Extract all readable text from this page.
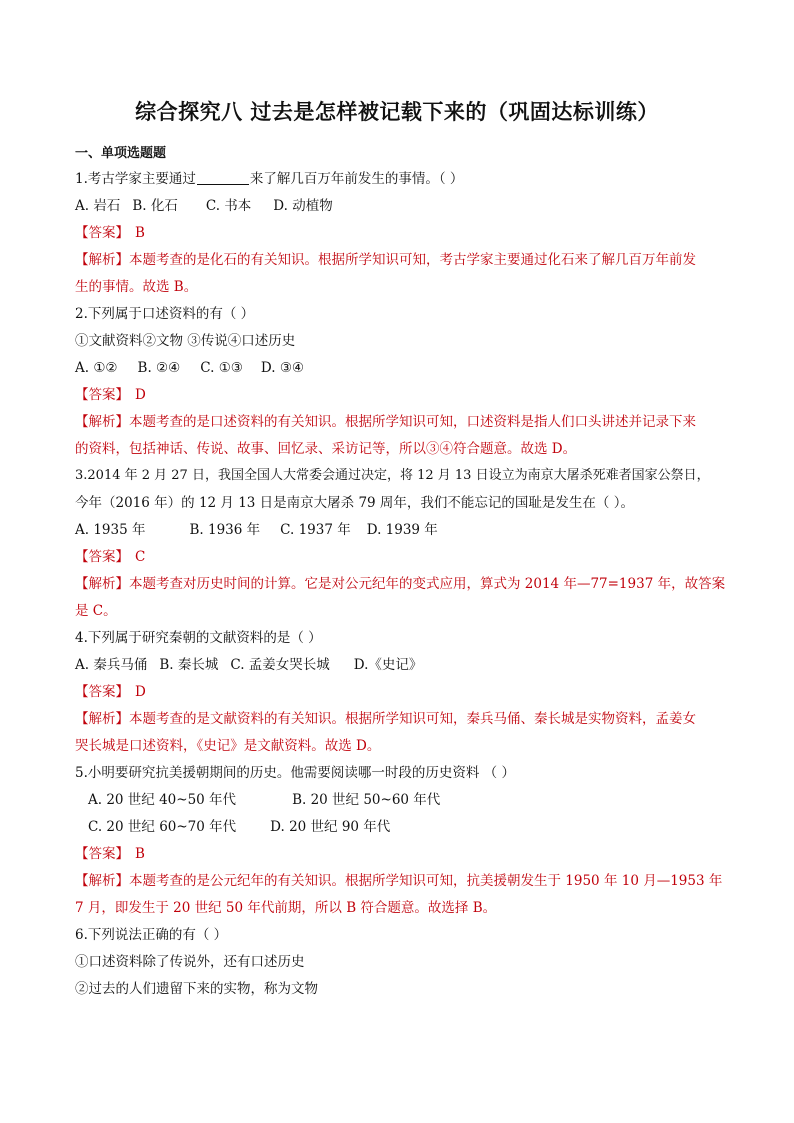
综合探究八 过去是怎样被记载下来的（巩固达标训练）
一、单项选题题
1.考古学家主要通过	来了解几百万年前发生的事情。（ ）
A. 岩石 B. 化石 C. 书本 D. 动植物
【答案】 B
【解析】本题考查的是化石的有关知识。根据所学知识可知，考古学家主要通过化石来了解几百万年前发
生的事情。故选 B。
2.下列属于口述资料的有（ ）
①文献资料②文物 ③传说④口述历史
A. ①② B. ②④ C. ①③ D. ③④
【答案】 D
【解析】本题考查的是口述资料的有关知识。根据所学知识可知，口述资料是指人们口头讲述并记录下来
的资料，包括神话、传说、故事、回忆录、采访记等，所以③④符合题意。故选 D。
3.2014 年 2 月 27 日，我国全国人大常委会通过决定，将 12 月 13 日设立为南京大屠杀死难者国家公祭日，
今年（2016 年）的 12 月 13 日是南京大屠杀 79 周年，我们不能忘记的国耻是发生在（ ）。
A. 1935 年	B. 1936 年 C. 1937 年 D. 1939 年
【答案】 C
【解析】本题考查对历史时间的计算。它是对公元纪年的变式应用，算式为 2014 年—77=1937 年，故答案
是 C。
4.下列属于研究秦朝的文献资料的是（ ）
A. 秦兵马俑 B. 秦长城 C. 孟姜女哭长城 D.《史记》
【答案】 D
【解析】本题考查的是文献资料的有关知识。根据所学知识可知，秦兵马俑、秦长城是实物资料，孟姜女
哭长城是口述资料，《史记》是文献资料。故选 D。
5.小明要研究抗美援朝期间的历史。他需要阅读哪一时段的历史资料 （ ）
A. 20 世纪 40~50 年代	B. 20 世纪 50~60 年代
C. 20 世纪 60~70 年代	D. 20 世纪 90 年代
【答案】 B
【解析】本题考查的是公元纪年的有关知识。根据所学知识可知，抗美援朝发生于 1950 年 10 月—1953 年
7 月，即发生于 20 世纪 50 年代前期，所以 B 符合题意。故选择 B。
6.下列说法正确的有（ ）
①口述资料除了传说外，还有口述历史
②过去的人们遗留下来的实物，称为文物
